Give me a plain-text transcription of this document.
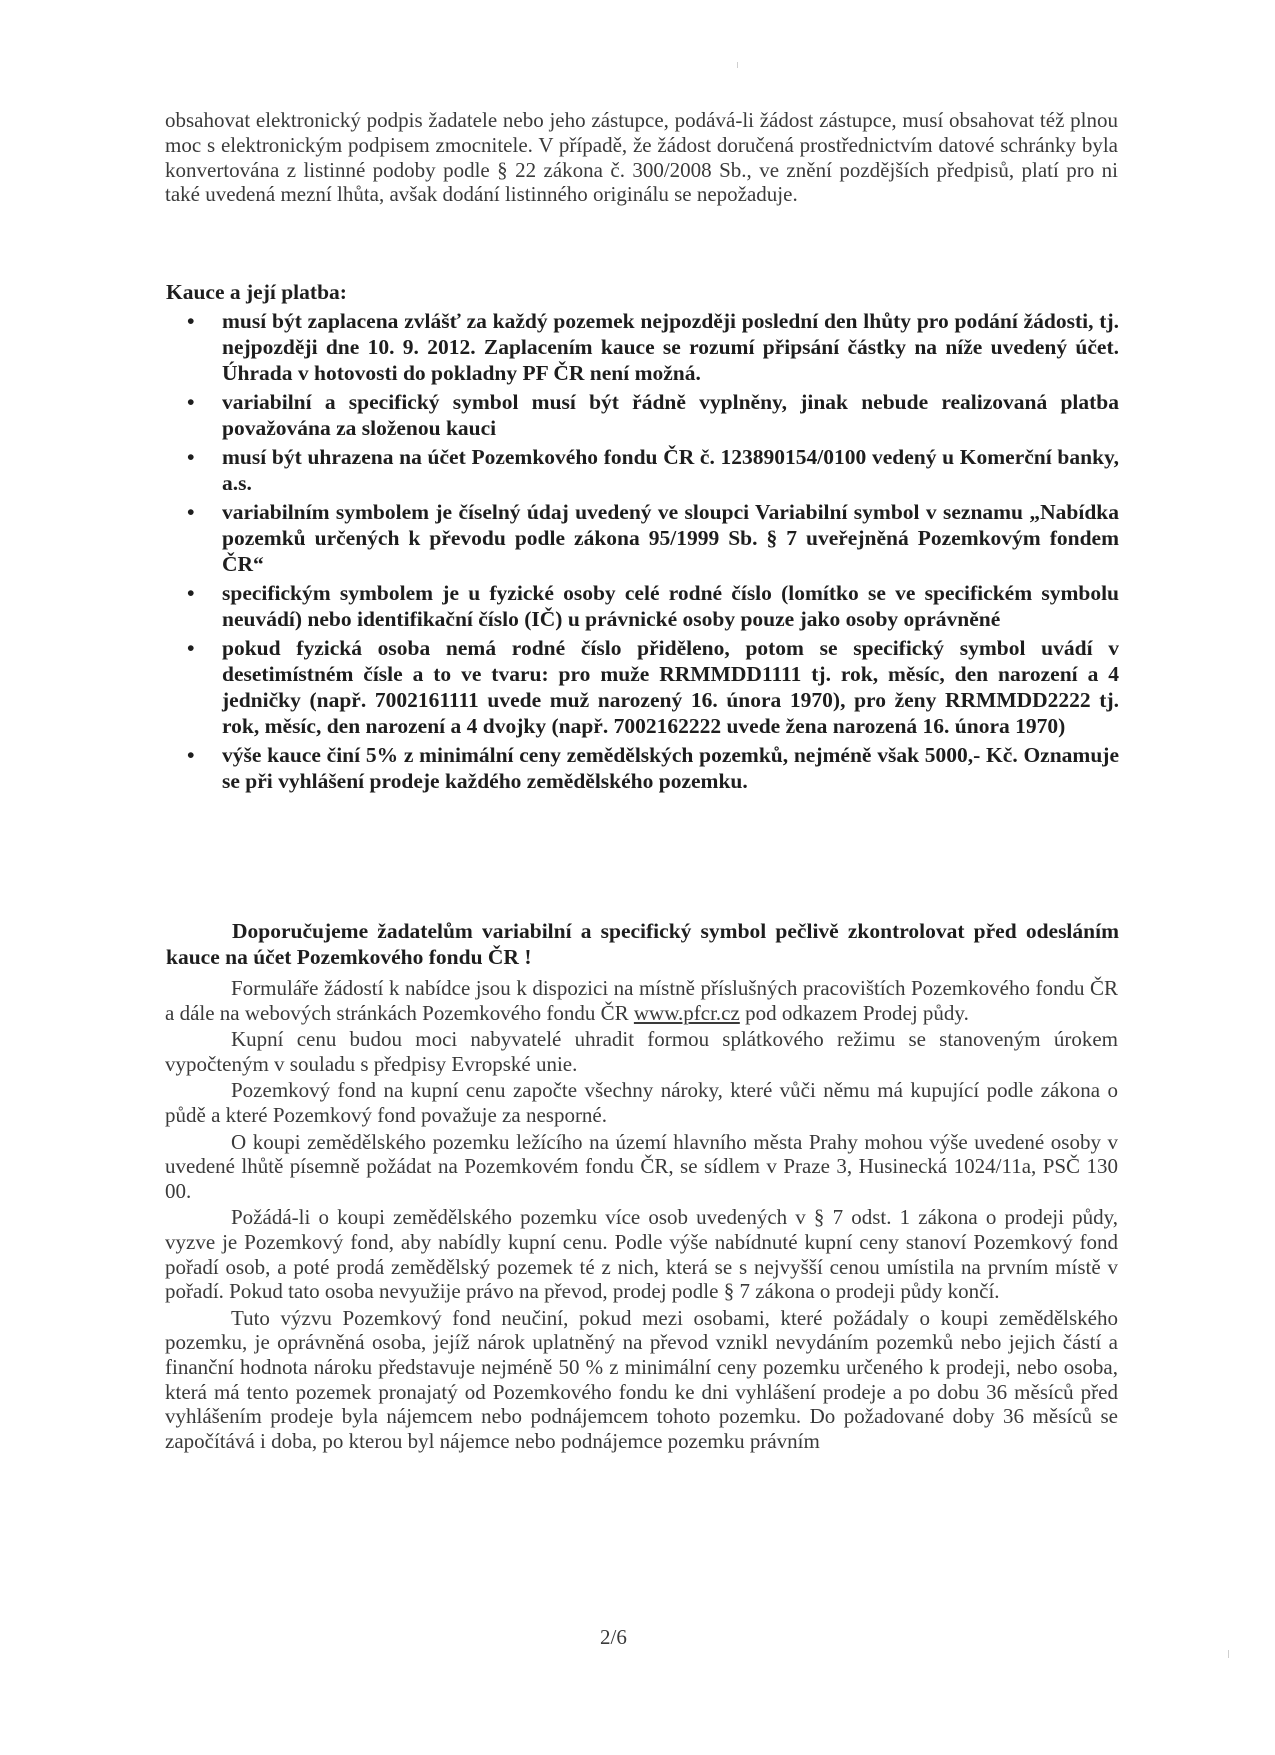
obsahovat elektronický podpis žadatele nebo jeho zástupce, podává-li žádost zástupce, musí obsahovat též plnou moc s elektronickým podpisem zmocnitele. V případě, že žádost doručená prostřednictvím datové schránky byla konvertována z listinné podoby podle § 22 zákona č. 300/2008 Sb., ve znění pozdějších předpisů, platí pro ni také uvedená mezní lhůta, avšak dodání listinného originálu se nepožaduje.
Kauce a její platba:
• musí být zaplacena zvlášť za každý pozemek nejpozději poslední den lhůty pro podání žádosti, tj. nejpozději dne 10. 9. 2012. Zaplacením kauce se rozumí připsání částky na níže uvedený účet. Úhrada v hotovosti do pokladny PF ČR není možná.
• variabilní a specifický symbol musí být řádně vyplněny, jinak nebude realizovaná platba považována za složenou kauci
• musí být uhrazena na účet Pozemkového fondu ČR č. 123890154/0100 vedený u Komerční banky, a.s.
• variabilním symbolem je číselný údaj uvedený ve sloupci Variabilní symbol v seznamu „Nabídka pozemků určených k převodu podle zákona 95/1999 Sb. § 7 uveřejněná Pozemkovým fondem ČR“
• specifickým symbolem je u fyzické osoby celé rodné číslo (lomítko se ve specifickém symbolu neuvádí) nebo identifikační číslo (IČ) u právnické osoby pouze jako osoby oprávněné
• pokud fyzická osoba nemá rodné číslo přiděleno, potom se specifický symbol uvádí v desetimístném čísle a to ve tvaru: pro muže RRMMDD1111 tj. rok, měsíc, den narození a 4 jedničky (např. 7002161111 uvede muž narozený 16. února 1970), pro ženy RRMMDD2222 tj. rok, měsíc, den narození a 4 dvojky (např. 7002162222 uvede žena narozená 16. února 1970)
• výše kauce činí 5% z minimální ceny zemědělských pozemků, nejméně však 5000,- Kč. Oznamuje se při vyhlášení prodeje každého zemědělského pozemku.
Doporučujeme žadatelům variabilní a specifický symbol pečlivě zkontrolovat před odesláním kauce na účet Pozemkového fondu ČR !

Formuláře žádostí k nabídce jsou k dispozici na místně příslušných pracovištích Pozemkového fondu ČR a dále na webových stránkách Pozemkového fondu ČR www.pfcr.cz pod odkazem Prodej půdy.

Kupní cenu budou moci nabyvatelé uhradit formou splátkového režimu se stanoveným úrokem vypočteným v souladu s předpisy Evropské unie.

Pozemkový fond na kupní cenu započte všechny nároky, které vůči němu má kupující podle zákona o půdě a které Pozemkový fond považuje za nesporné.

O koupi zemědělského pozemku ležícího na území hlavního města Prahy mohou výše uvedené osoby v uvedené lhůtě písemně požádat na Pozemkovém fondu ČR, se sídlem v Praze 3, Husinecká 1024/11a, PSČ 130 00.

Požádá-li o koupi zemědělského pozemku více osob uvedených v § 7 odst. 1 zákona o prodeji půdy, vyzve je Pozemkový fond, aby nabídly kupní cenu. Podle výše nabídnuté kupní ceny stanoví Pozemkový fond pořadí osob, a poté prodá zemědělský pozemek té z nich, která se s nejvyšší cenou umístila na prvním místě v pořadí. Pokud tato osoba nevyužije právo na převod, prodej podle § 7 zákona o prodeji půdy končí.

Tuto výzvu Pozemkový fond neučiní, pokud mezi osobami, které požádaly o koupi zemědělského pozemku, je oprávněná osoba, jejíž nárok uplatněný na převod vznikl nevydáním pozemků nebo jejich částí a finanční hodnota nároku představuje nejméně 50 % z minimální ceny pozemku určeného k prodeji, nebo osoba, která má tento pozemek pronajatý od Pozemkového fondu ke dni vyhlášení prodeje a po dobu 36 měsíců před vyhlášením prodeje byla nájemcem nebo podnájemcem tohoto pozemku. Do požadované doby 36 měsíců se započítává i doba, po kterou byl nájemce nebo podnájemce pozemku právním

2/6
